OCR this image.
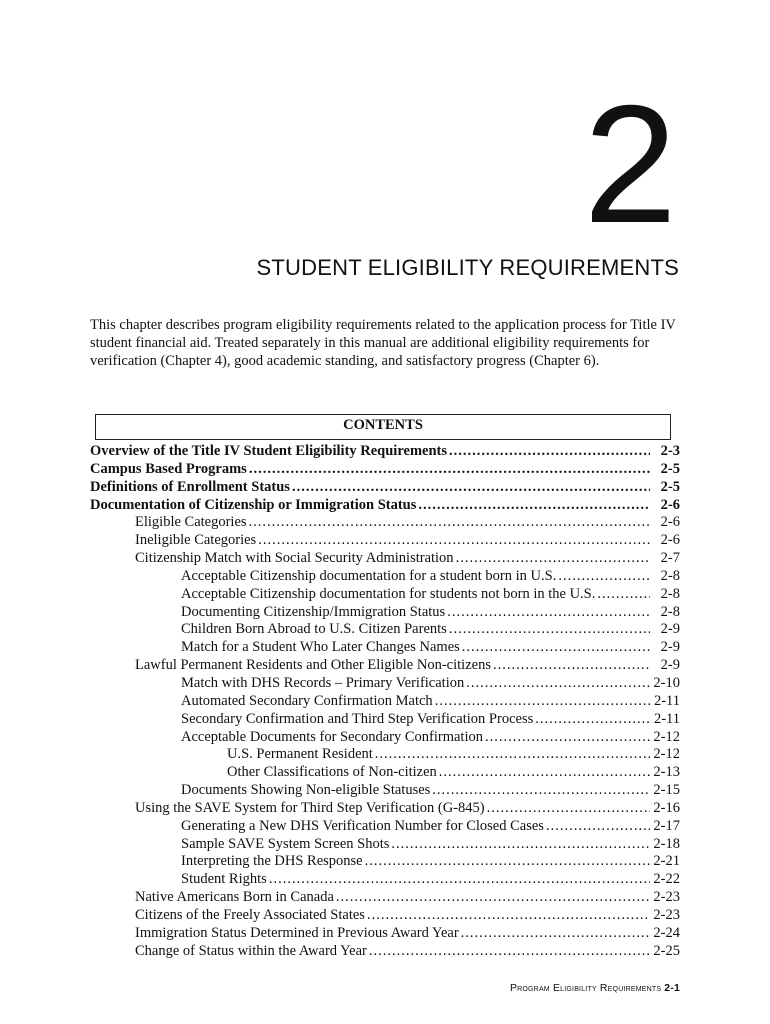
2
STUDENT ELIGIBILITY REQUIREMENTS

This chapter describes program eligibility requirements related to the application process for Title IV student financial aid. Treated separately in this manual are additional eligibility requirements for verification (Chapter 4), good academic standing, and satisfactory progress (Chapter 6).

CONTENTS
Overview of the Title IV Student Eligibility Requirements .....	2-3
Campus Based Programs .....	2-5
Definitions of Enrollment Status .....	2-5
Documentation of Citizenship or Immigration Status .....	2-6
Eligible Categories .....	2-6
Ineligible Categories .....	2-6
Citizenship Match with Social Security Administration .....	2-7
Acceptable Citizenship documentation for a student born in U.S. .....	2-8
Acceptable Citizenship documentation for students not born in the U.S. .....	2-8
Documenting Citizenship/Immigration Status .....	2-8
Children Born Abroad to U.S. Citizen Parents .....	2-9
Match for a Student Who Later Changes Names .....	2-9
Lawful Permanent Residents and Other Eligible Non-citizens .....	2-9
Match with DHS Records – Primary Verification .....	2-10
Automated Secondary Confirmation Match .....	2-11
Secondary Confirmation and Third Step Verification Process .....	2-11
Acceptable Documents for Secondary Confirmation .....	2-12
U.S. Permanent Resident .....	2-12
Other Classifications of Non-citizen .....	2-13
Documents Showing Non-eligible Statuses .....	2-15
Using the SAVE System for Third Step Verification (G-845) .....	2-16
Generating a New DHS Verification Number for Closed Cases .....	2-17
Sample SAVE System Screen Shots .....	2-18
Interpreting the DHS Response .....	2-21
Student Rights .....	2-22
Native Americans Born in Canada .....	2-23
Citizens of the Freely Associated States .....	2-23
Immigration Status Determined in Previous Award Year .....	2-24
Change of Status within the Award Year .....	2-25
Program Eligibility Requirements 2-1
